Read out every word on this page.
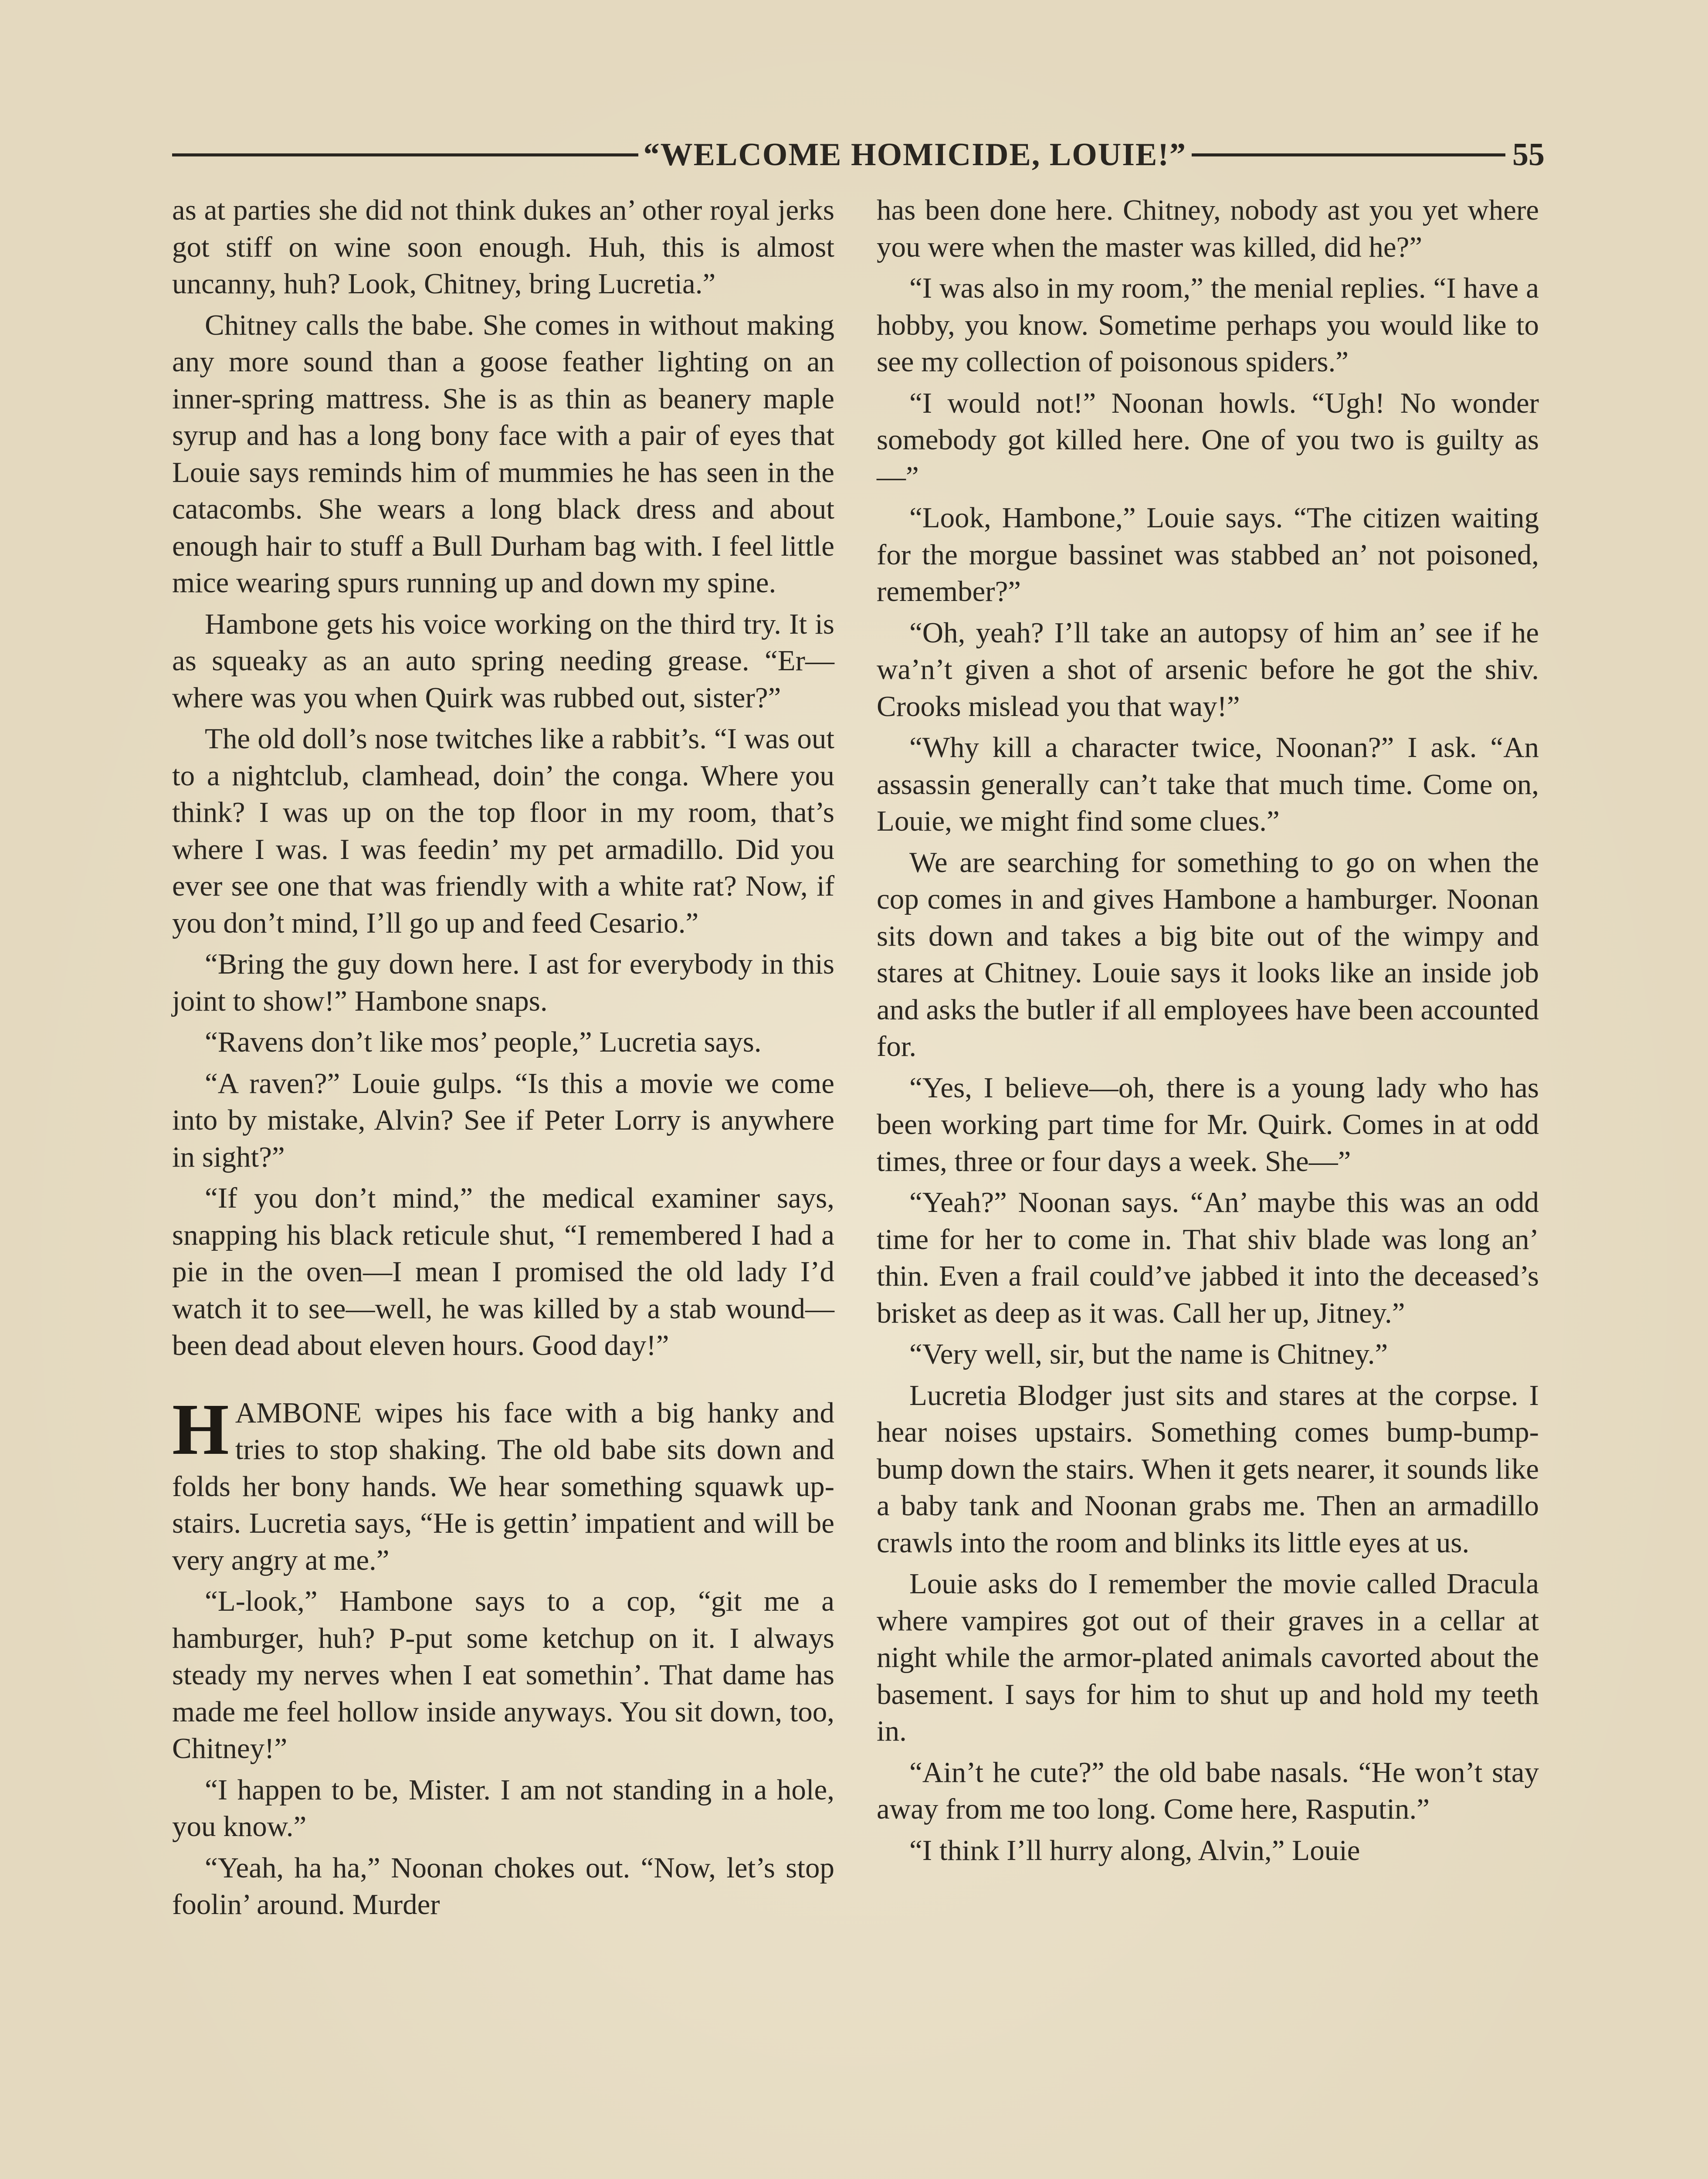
“WELCOME HOMICIDE, LOUIE!”	55

as at parties she did not think dukes an’ other royal jerks got stiff on wine soon enough. Huh, this is almost uncanny, huh? Look, Chitney, bring Lucretia.”

Chitney calls the babe. She comes in without making any more sound than a goose feather lighting on an inner-spring mattress. She is as thin as beanery maple syrup and has a long bony face with a pair of eyes that Louie says reminds him of mummies he has seen in the catacombs. She wears a long black dress and about enough hair to stuff a Bull Durham bag with. I feel little mice wearing spurs running up and down my spine.

Hambone gets his voice working on the third try. It is as squeaky as an auto spring needing grease. “Er—where was you when Quirk was rubbed out, sister?”

The old doll’s nose twitches like a rabbit’s. “I was out to a nightclub, clamhead, doin’ the conga. Where you think? I was up on the top floor in my room, that’s where I was. I was feedin’ my pet armadillo. Did you ever see one that was friendly with a white rat? Now, if you don’t mind, I’ll go up and feed Cesario.”

“Bring the guy down here. I ast for everybody in this joint to show!” Hambone snaps.

“Ravens don’t like mos’ people,” Lucretia says.

“A raven?” Louie gulps. “Is this a movie we come into by mistake, Alvin? See if Peter Lorry is anywhere in sight?”

“If you don’t mind,” the medical examiner says, snapping his black reticule shut, “I remembered I had a pie in the oven—I mean I promised the old lady I’d watch it to see—well, he was killed by a stab wound—been dead about eleven hours. Good day!”

HAMBONE wipes his face with a big hanky and tries to stop shaking. The old babe sits down and folds her bony hands. We hear something squawk upstairs. Lucretia says, “He is gettin’ impatient and will be very angry at me.”

“L-look,” Hambone says to a cop, “git me a hamburger, huh? P-put some ketchup on it. I always steady my nerves when I eat somethin’. That dame has made me feel hollow inside anyways. You sit down, too, Chitney!”

“I happen to be, Mister. I am not standing in a hole, you know.”

“Yeah, ha ha,” Noonan chokes out. “Now, let’s stop foolin’ around. Murder

has been done here. Chitney, nobody ast you yet where you were when the master was killed, did he?”

“I was also in my room,” the menial replies. “I have a hobby, you know. Sometime perhaps you would like to see my collection of poisonous spiders.”

“I would not!” Noonan howls. “Ugh! No wonder somebody got killed here. One of you two is guilty as—”

“Look, Hambone,” Louie says. “The citizen waiting for the morgue bassinet was stabbed an’ not poisoned, remember?”

“Oh, yeah? I’ll take an autopsy of him an’ see if he wa’n’t given a shot of arsenic before he got the shiv. Crooks mislead you that way!”

“Why kill a character twice, Noonan?” I ask. “An assassin generally can’t take that much time. Come on, Louie, we might find some clues.”

We are searching for something to go on when the cop comes in and gives Hambone a hamburger. Noonan sits down and takes a big bite out of the wimpy and stares at Chitney. Louie says it looks like an inside job and asks the butler if all employees have been accounted for.

“Yes, I believe—oh, there is a young lady who has been working part time for Mr. Quirk. Comes in at odd times, three or four days a week. She—”

“Yeah?” Noonan says. “An’ maybe this was an odd time for her to come in. That shiv blade was long an’ thin. Even a frail could’ve jabbed it into the deceased’s brisket as deep as it was. Call her up, Jitney.”

“Very well, sir, but the name is Chitney.”

Lucretia Blodger just sits and stares at the corpse. I hear noises upstairs. Something comes bump-bump-bump down the stairs. When it gets nearer, it sounds like a baby tank and Noonan grabs me. Then an armadillo crawls into the room and blinks its little eyes at us.

Louie asks do I remember the movie called Dracula where vampires got out of their graves in a cellar at night while the armor-plated animals cavorted about the basement. I says for him to shut up and hold my teeth in.

“Ain’t he cute?” the old babe nasals. “He won’t stay away from me too long. Come here, Rasputin.”

“I think I’ll hurry along, Alvin,” Louie
